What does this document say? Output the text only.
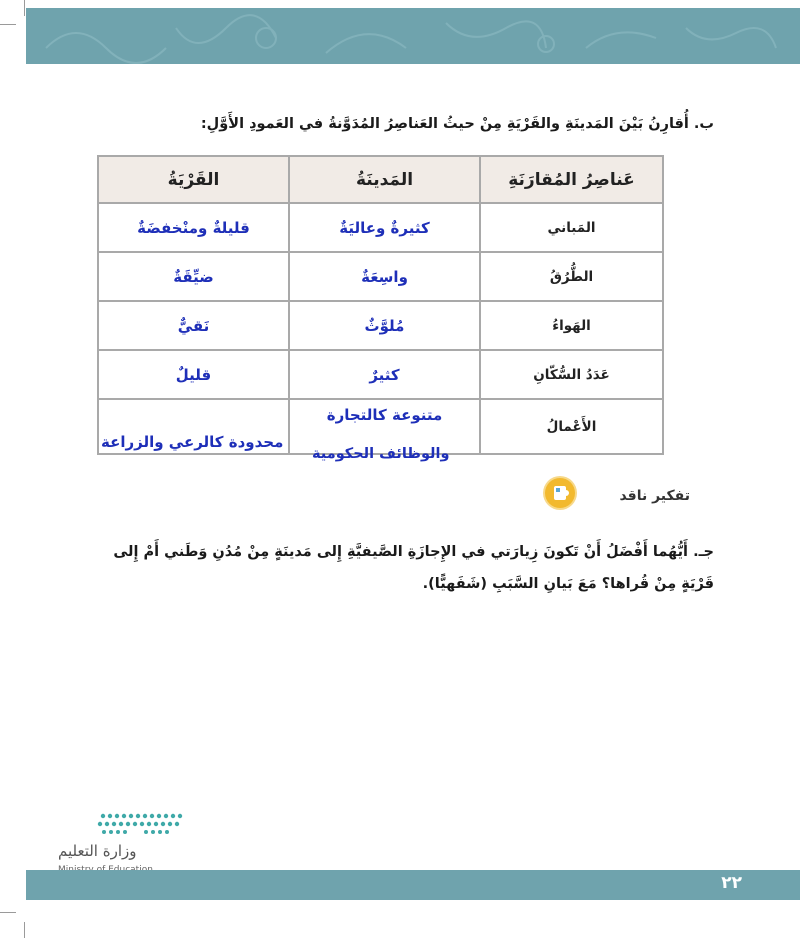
ب. أُقارِنُ بَيْنَ المَدينَةِ والقَرْيَةِ مِنْ حيثُ العَناصِرُ المُدَوَّنةُ في العَمودِ الأَوَّلِ:
عَناصِرُ المُقارَنَةِ	المَدينَةُ	القَرْيَةُ
المَباني	كثيرةٌ وعاليَةٌ	قليلةٌ ومنْخفضَةٌ
الطُّرُقُ	واسِعَةٌ	ضيِّقَةٌ
الهَواءُ	مُلوَّثٌ	نَقيٌّ
عَدَدُ السُّكّانِ	كثيرٌ	قليلٌ
الأَعْمالُ	متنوعة كالتجارة	محدودة كالرعي والزراعة
والوظائف الحكومية
تفكير ناقد
جـ. أَيُّهُما أَفْضَلُ أَنْ تَكونَ زِيارَتي في الإِجازَةِ الصَّيفيَّةِ إِلى مَدينَةٍ مِنْ مُدُنِ وَطَني أَمْ إِلى قَرْيَةٍ مِنْ قُراها؟ مَعَ بَيانِ السَّبَبِ (شَفَهيًّا).
وزارة التعليم
٢٢
